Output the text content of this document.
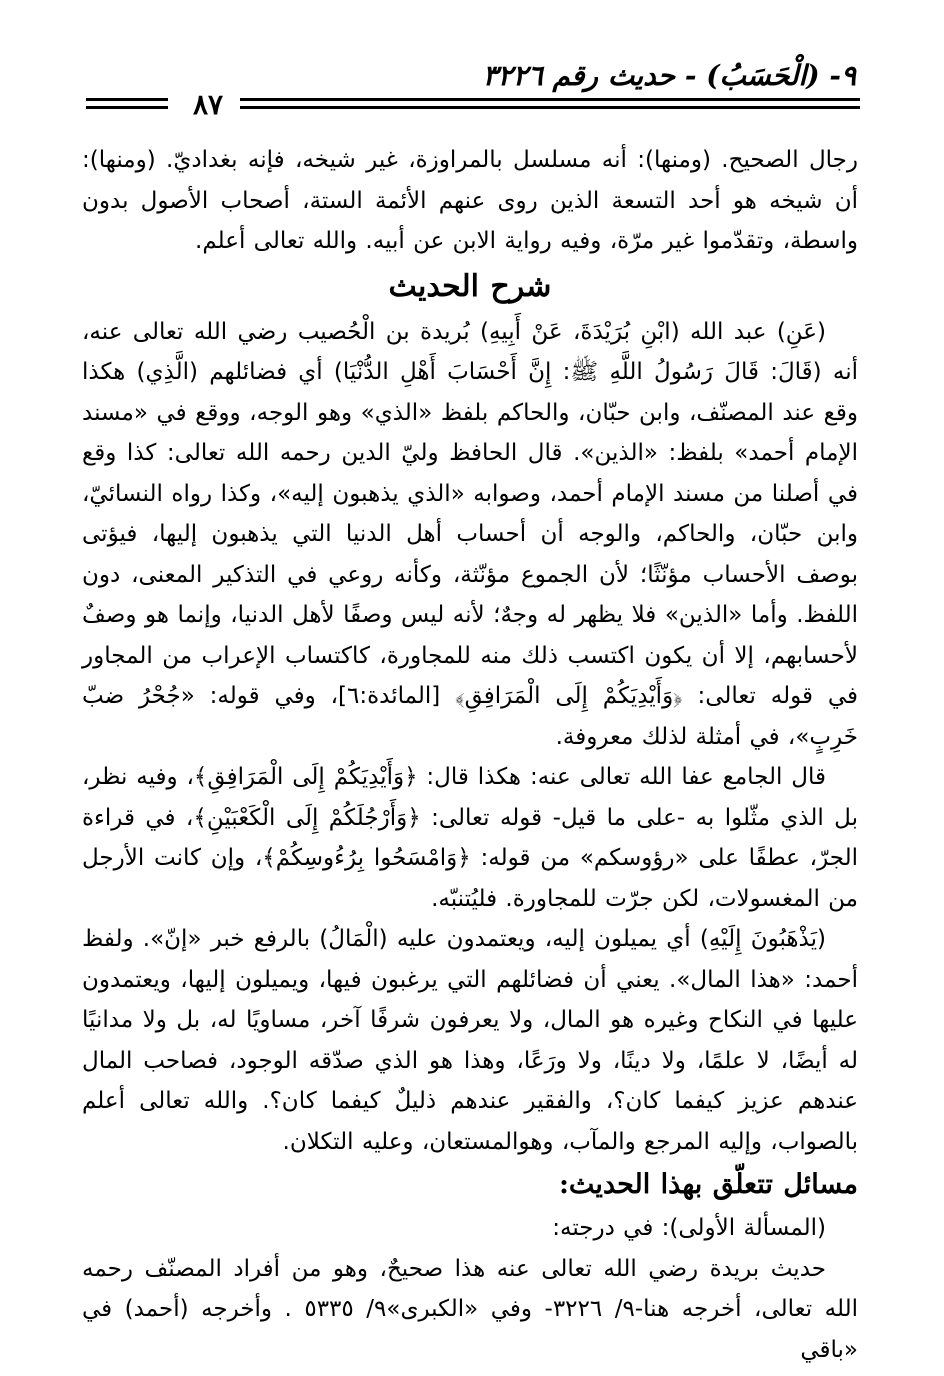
٩- (الْحَسَبُ) - حديث رقم ٣٢٢٦
٨٧

رجال الصحيح. (ومنها): أنه مسلسل بالمراوزة، غير شيخه، فإنه بغداديّ. (ومنها): أن شيخه هو أحد التسعة الذين روى عنهم الأئمة الستة، أصحاب الأصول بدون واسطة، وتقدّموا غير مرّة، وفيه رواية الابن عن أبيه. والله تعالى أعلم.

شرح الحديث

(عَنِ) عبد الله (ابْنِ بُرَيْدَةَ، عَنْ أَبِيهِ) بُريدة بن الْحُصيب رضي الله تعالى عنه، أنه (قَالَ: قَالَ رَسُولُ اللَّهِ ﷺ: إِنَّ أَحْسَابَ أَهْلِ الدُّنْيَا) أي فضائلهم (الَّذِي) هكذا وقع عند المصنّف، وابن حبّان، والحاكم بلفظ «الذي» وهو الوجه، ووقع في «مسند الإمام أحمد» بلفظ: «الذين». قال الحافظ وليّ الدين رحمه الله تعالى: كذا وقع في أصلنا من مسند الإمام أحمد، وصوابه «الذي يذهبون إليه»، وكذا رواه النسائيّ، وابن حبّان، والحاكم، والوجه أن أحساب أهل الدنيا التي يذهبون إليها، فيؤتى بوصف الأحساب مؤنّثًا؛ لأن الجموع مؤنّثة، وكأنه روعي في التذكير المعنى، دون اللفظ. وأما «الذين» فلا يظهر له وجهٌ؛ لأنه ليس وصفًا لأهل الدنيا، وإنما هو وصفٌ لأحسابهم، إلا أن يكون اكتسب ذلك منه للمجاورة، كاكتساب الإعراب من المجاور في قوله تعالى: ﴿وَأَيْدِيَكُمْ إِلَى الْمَرَافِقِ﴾ [المائدة:٦]، وفي قوله: «جُحْرُ ضبّ خَرِبٍ»، في أمثلة لذلك معروفة.

قال الجامع عفا الله تعالى عنه: هكذا قال: ﴿وَأَيْدِيَكُمْ إِلَى الْمَرَافِقِ﴾، وفيه نظر، بل الذي مثّلوا به -على ما قيل- قوله تعالى: ﴿وَأَرْجُلَكُمْ إِلَى الْكَعْبَيْنِ﴾، في قراءة الجرّ، عطفًا على «رؤوسكم» من قوله: ﴿وَامْسَحُوا بِرُءُوسِكُمْ﴾، وإن كانت الأرجل من المغسولات، لكن جرّت للمجاورة. فليُتنبّه.

(يَذْهَبُونَ إِلَيْهِ) أي يميلون إليه، ويعتمدون عليه (الْمَالُ) بالرفع خبر «إنّ». ولفظ أحمد: «هذا المال». يعني أن فضائلهم التي يرغبون فيها، ويميلون إليها، ويعتمدون عليها في النكاح وغيره هو المال، ولا يعرفون شرفًا آخر، مساويًا له، بل ولا مدانيًا له أيضًا، لا علمًا، ولا دينًا، ولا ورَعًا، وهذا هو الذي صدّقه الوجود، فصاحب المال عندهم عزيز كيفما كان؟، والفقير عندهم ذليلٌ كيفما كان؟. والله تعالى أعلم بالصواب، وإليه المرجع والمآب، وهوالمستعان، وعليه التكلان.

مسائل تتعلّق بهذا الحديث:

(المسألة الأولى): في درجته:

حديث بريدة رضي الله تعالى عنه هذا صحيحٌ، وهو من أفراد المصنّف رحمه الله تعالى، أخرجه هنا-٩/ ٣٢٢٦- وفي «الكبرى»٩/ ٥٣٣٥ . وأخرجه (أحمد) في «باقي
